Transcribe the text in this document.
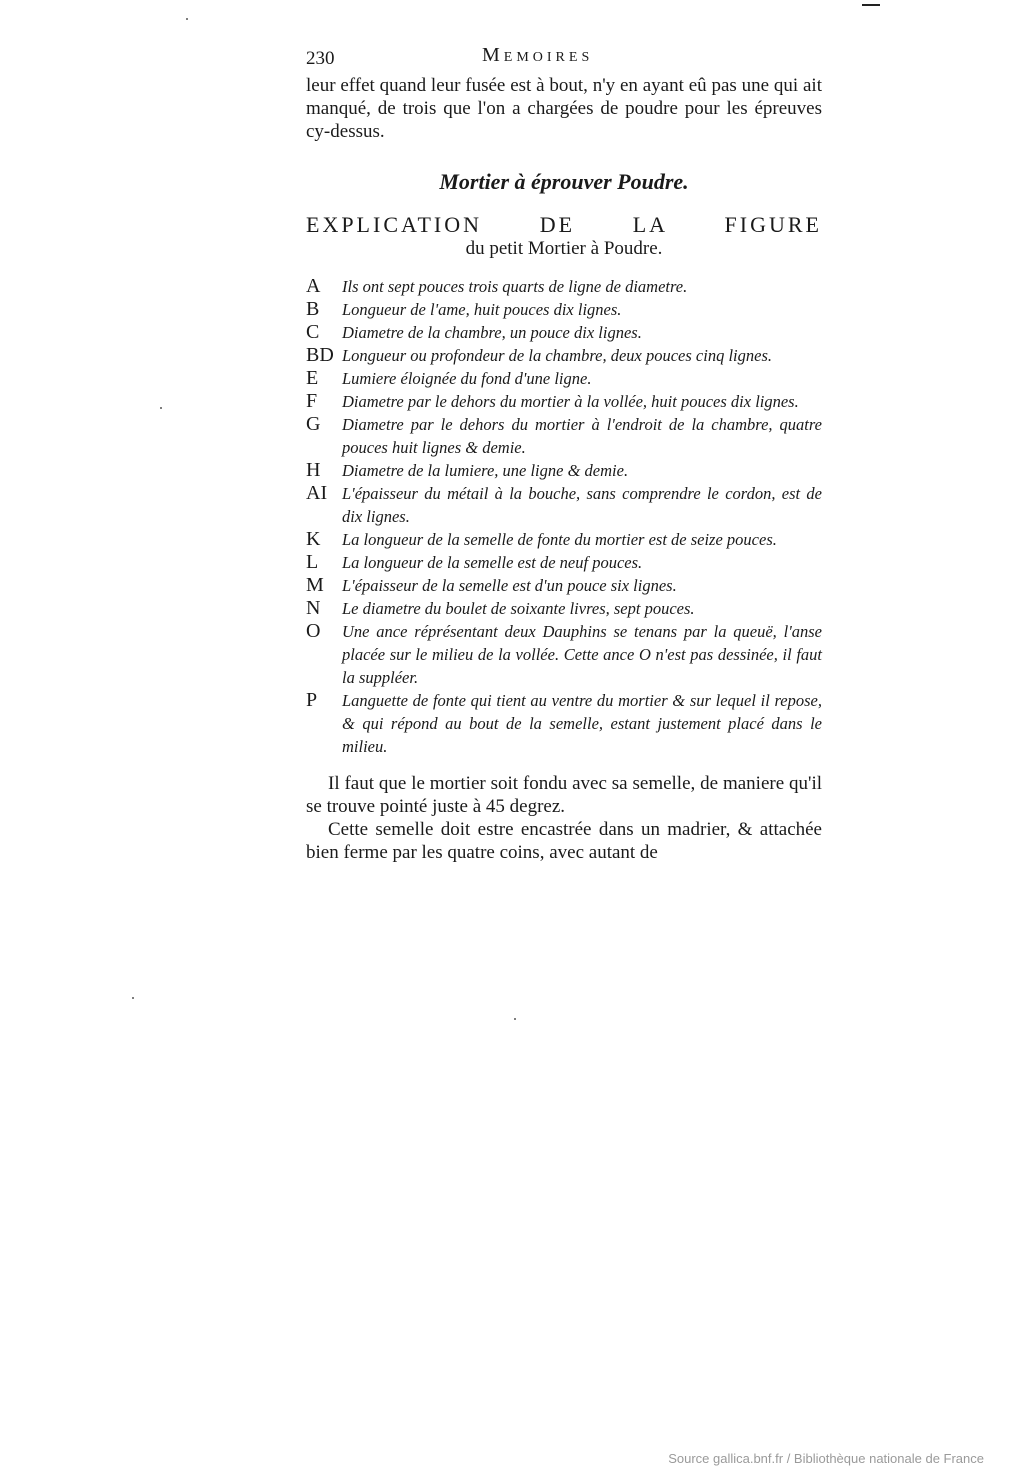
230	Memoires

leur effet quand leur fusée est à bout, n'y en ayant eû pas une qui ait manqué, de trois que l'on a chargées de poudre pour les épreuves cy-dessus.

Mortier à éprouver Poudre.
EXPLICATION DE LA FIGURE
du petit Mortier à Poudre.
A Ils ont sept pouces trois quarts de ligne de diametre.
B Longueur de l'ame, huit pouces dix lignes.
C Diametre de la chambre, un pouce dix lignes.
BD Longueur ou profondeur de la chambre, deux pouces cinq lignes.
E Lumiere éloignée du fond d'une ligne.
F Diametre par le dehors du mortier à la vollée, huit pouces dix lignes.
G Diametre par le dehors du mortier à l'endroit de la chambre, quatre pouces huit lignes & demie.
H Diametre de la lumiere, une ligne & demie.
AI L'épaisseur du métail à la bouche, sans comprendre le cordon, est de dix lignes.
K La longueur de la semelle de fonte du mortier est de seize pouces.
L La longueur de la semelle est de neuf pouces.
M L'épaisseur de la semelle est d'un pouce six lignes.
N Le diametre du boulet de soixante livres, sept pouces.
O Une ance réprésentant deux Dauphins se tenans par la queuë, l'anse placée sur le milieu de la vollée. Cette ance O n'est pas dessinée, il faut la suppléer.
P Languette de fonte qui tient au ventre du mortier & sur lequel il repose, & qui répond au bout de la semelle, estant justement placé dans le milieu.

Il faut que le mortier soit fondu avec sa semelle, de maniere qu'il se trouve pointé juste à 45 degrez.

Cette semelle doit estre encastrée dans un madrier, & attachée bien ferme par les quatre coins, avec autant de

Source gallica.bnf.fr / Bibliothèque nationale de France
